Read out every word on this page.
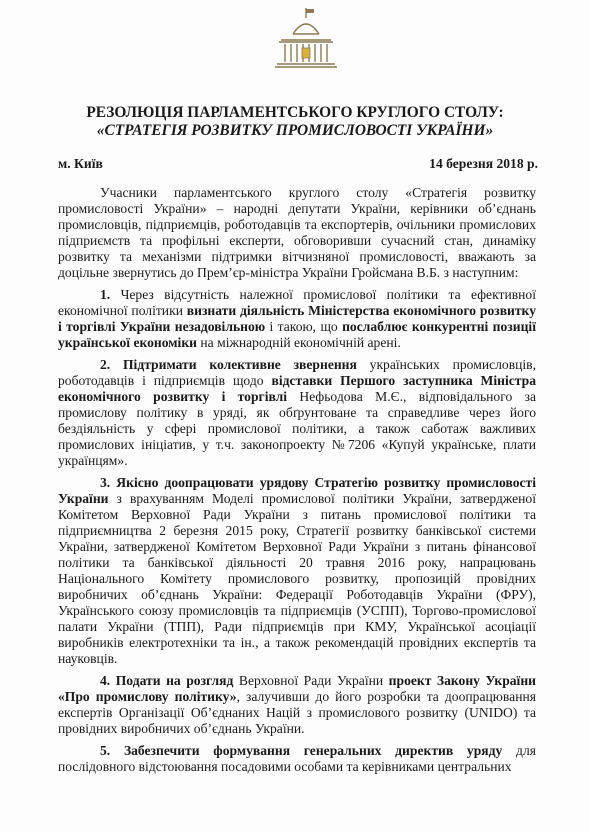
РЕЗОЛЮЦІЯ ПАРЛАМЕНТСЬКОГО КРУГЛОГО СТОЛУ:
«СТРАТЕГІЯ РОЗВИТКУ ПРОМИСЛОВОСТІ УКРАЇНИ»
м. Київ	14 березня 2018 р.

Учасники парламентського круглого столу «Стратегія розвитку промисловості України» – народні депутати України, керівники об’єднань промисловців, підприємців, роботодавців та експортерів, очільники промислових підприємств та профільні експерти, обговоривши сучасний стан, динаміку розвитку та механізми підтримки вітчизняної промисловості, вважають за доцільне звернутись до Прем’єр-міністра України Гройсмана В.Б. з наступним:

1. Через відсутність належної промислової політики та ефективної економічної політики визнати діяльність Міністерства економічного розвитку і торгівлі України незадовільною і такою, що послаблює конкурентні позиції української економіки на міжнародній економічній арені.

2. Підтримати колективне звернення українських промисловців, роботодавців і підприємців щодо відставки Першого заступника Міністра економічного розвитку і торгівлі Нефьодова М.Є., відповідального за промислову політику в уряді, як обґрунтоване та справедливе через його бездіяльність у сфері промислової політики, а також саботаж важливих промислових ініціатив, у т.ч. законопроекту №7206 «Купуй українське, плати українцям».

3. Якісно доопрацювати урядову Стратегію розвитку промисловості України з врахуванням Моделі промислової політики України, затвердженої Комітетом Верховної Ради України з питань промислової політики та підприємництва 2 березня 2015 року, Стратегії розвитку банківської системи України, затвердженої Комітетом Верховної Ради України з питань фінансової політики та банківської діяльності 20 травня 2016 року, напрацювань Національного Комітету промислового розвитку, пропозицій провідних виробничих об’єднань України: Федерації Роботодавців України (ФРУ), Українського союзу промисловців та підприємців (УСПП), Торгово-промислової палати України (ТПП), Ради підприємців при КМУ, Української асоціації виробників електротехніки та ін., а також рекомендацій провідних експертів та науковців.

4. Подати на розгляд Верховної Ради України проект Закону України «Про промислову політику», залучивши до його розробки та доопрацювання експертів Організації Об’єднаних Націй з промислового розвитку (UNIDO) та провідних виробничих об’єднань України.

5. Забезпечити формування генеральних директив уряду для послідовного відстоювання посадовими особами та керівниками центральних
